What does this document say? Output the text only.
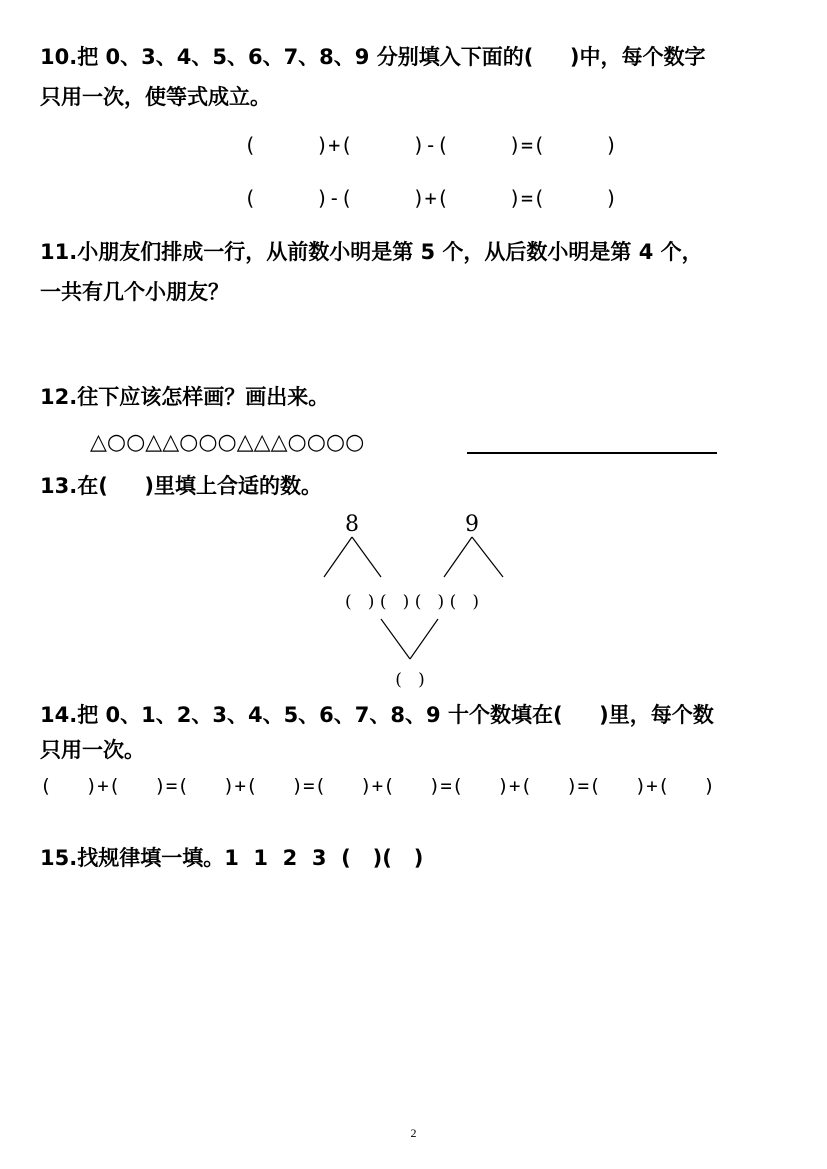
10.把 0、3、4、5、6、7、8、9 分别填入下面的(     )中，每个数字
只用一次，使等式成立。
(     )+(     )-(     )=(     )
(     )-(     )+(     )=(     )
11.小朋友们排成一行，从前数小明是第 5 个，从后数小明是第 4 个，
一共有几个小朋友？
12.往下应该怎样画？画出来。
△○○△△○○○△△△○○○○
13.在(     )里填上合适的数。
8	9
(   ) (   ) (   ) (   )
(   )
14.把 0、1、2、3、4、5、6、7、8、9 十个数填在(     )里，每个数
只用一次。
(   )+(   )=(   )+(   )=(   )+(   )=(   )+(   )=(   )+(   )
15.找规律填一填。1  1  2  3  (   )(   )
2
